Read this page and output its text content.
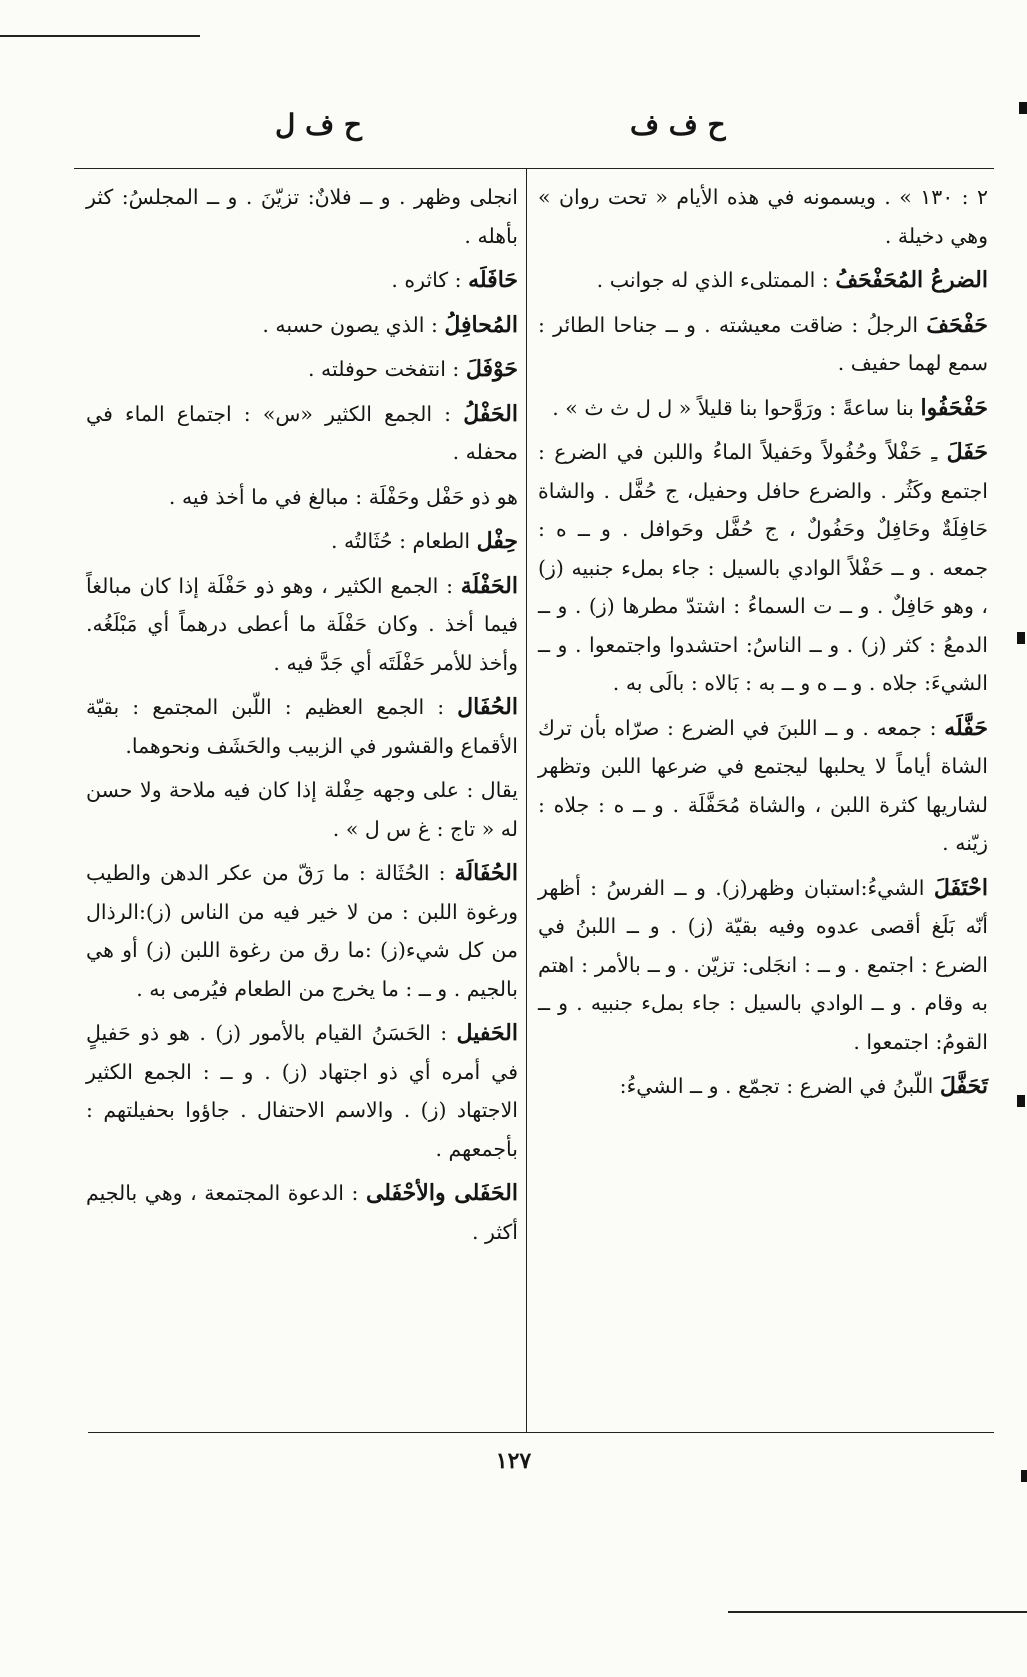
ح ف ف
ح ف ل

٢ : ١٣٠ » . ويسمونه في هذه الأيام « تحت روان » وهي دخيلة .

الضرعُ المُحَفْحَفُ : الممتلىء الذي له جوانب .

حَفْحَفَ الرجلُ : ضاقت معيشته . و ــ جناحا الطائر : سمع لهما حفيف .

حَفْحَفُوا بنا ساعةً : ورَوَّحوا بنا قليلاً « ل ل ث ث » .

حَفَلَ ـِ حَفْلاً وحُفُولاً وحَفيلاً الماءُ واللبن في الضرع : اجتمع وكَثُر . والضرع حافل وحفيل، ج حُفَّل . والشاة حَافِلَةٌ وحَافِلٌ وحَفُولٌ ، ج حُفَّل وحَوافل . و ــ ه : جمعه . و ــ حَفْلاً الوادي بالسيل : جاء بملء جنبيه (ز) ، وهو حَافِلٌ . و ــ ت السماءُ : اشتدّ مطرها (ز) . و ــ الدمعُ : كثر (ز) . و ــ الناسُ: احتشدوا واجتمعوا . و ــ الشيءَ: جلاه . و ــ ه و ــ به : بَالاه : بالَى به .

حَفَّلَه : جمعه . و ــ اللبنَ في الضرع : صرّاه بأن ترك الشاة أياماً لا يحلبها ليجتمع في ضرعها اللبن وتظهر لشاريها كثرة اللبن ، والشاة مُحَفَّلَة . و ــ ه : جلاه : زيّنه .

احْتَفَلَ الشيءُ:استبان وظهر(ز). و ــ الفرسُ : أظهر أنّه بَلَغ أقصى عدوه وفيه بقيّة (ز) . و ــ اللبنُ في الضرع : اجتمع . و ــ : انجَلى: تزيّن . و ــ بالأمر : اهتم به وقام . و ــ الوادي بالسيل : جاء بملء جنبيه . و ــ القومُ: اجتمعوا .

تَحَفَّلَ اللّبنُ في الضرع : تجمّع . و ــ الشيءُ:

انجلى وظهر . و ــ فلانٌ: تزيّنَ . و ــ المجلسُ: كثر بأهله .

حَافَلَه : كاثره .

المُحافِلُ : الذي يصون حسبه .

حَوْفَلَ : انتفخت حوفلته .

الحَفْلُ : الجمع الكثير «س» : اجتماع الماء في محفله .

هو ذو حَفْل وحَفْلَة : مبالغ في ما أخذ فيه .

حِفْل الطعام : حُثَالتُه .

الحَفْلَة : الجمع الكثير ، وهو ذو حَفْلَة إذا كان مبالغاً فيما أخذ . وكان حَفْلَة ما أعطى درهماً أي مَبْلَغُه. وأخذ للأمر حَفْلَتَه أي جَدَّ فيه .

الحُفَال : الجمع العظيم : اللّبن المجتمع : بقيّة الأقماع والقشور في الزبيب والحَشَف ونحوهما.

يقال : على وجهه حِفْلة إذا كان فيه ملاحة ولا حسن له « تاج : غ س ل » .

الحُفَالَة : الحُثَالة : ما رَقّ من عكر الدهن والطيب ورغوة اللبن : من لا خير فيه من الناس (ز):الرذال من كل شيء(ز) :ما رق من رغوة اللبن (ز) أو هي بالجيم . و ــ : ما يخرج من الطعام فيُرمى به .

الحَفيل : الحَسَنُ القيام بالأمور (ز) . هو ذو حَفيلٍ في أمره أي ذو اجتهاد (ز) . و ــ : الجمع الكثير الاجتهاد (ز) . والاسم الاحتفال . جاؤوا بحفيلتهم : بأجمعهم .

الحَفَلى والأحْفَلى : الدعوة المجتمعة ، وهي بالجيم أكثر .

١٢٧
